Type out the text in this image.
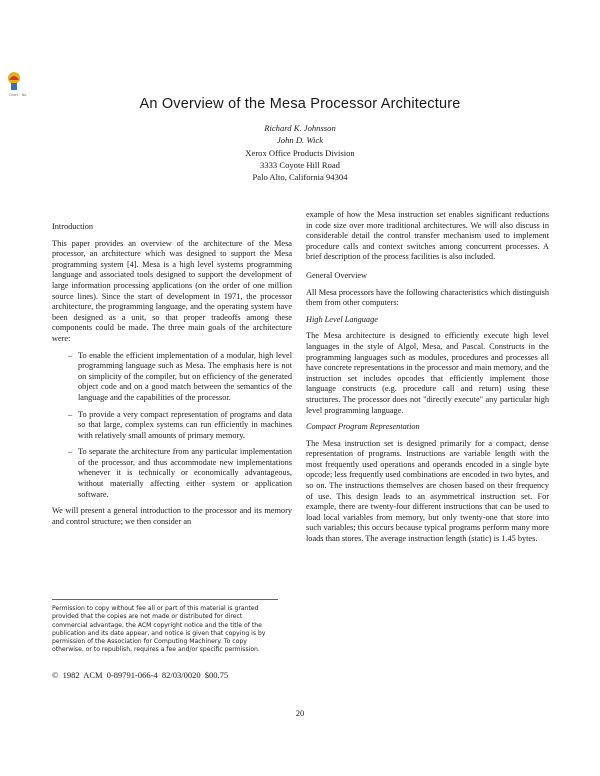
Chart · No.
An Overview of the Mesa Processor Architecture
Richard K. Johnsson
John D. Wick
Xerox Office Products Division
3333 Coyote Hill Road
Palo Alto, California 94304
Introduction

This paper provides an overview of the architecture of the Mesa processor, an architecture which was designed to support the Mesa programming system [4]. Mesa is a high level systems programming language and associated tools designed to support the development of large information processing applications (on the order of one million source lines). Since the start of development in 1971, the processor architecture, the programming language, and the operating system have been designed as a unit, so that proper tradeoffs among these components could be made. The three main goals of the architecture were:

– To enable the efficient implementation of a modular, high level programming language such as Mesa. The emphasis here is not on simplicity of the compiler, but on efficiency of the generated object code and on a good match between the semantics of the language and the capabilities of the processor.
– To provide a very compact representation of programs and data so that large, complex systems can run efficiently in machines with relatively small amounts of primary memory.
– To separate the architecture from any particular implementation of the processor, and thus accommodate new implementations whenever it is technically or economically advantageous, without materially affecting either system or application software.

We will present a general introduction to the processor and its memory and control structure; we then consider an

example of how the Mesa instruction set enables significant reductions in code size over more traditional architectures. We will also discuss in considerable detail the control transfer mechanism used to implement procedure calls and context switches among concurrent processes. A brief description of the process facilities is also included.

General Overview

All Mesa processors have the following characteristics which distinguish them from other computers:

High Level Language

The Mesa architecture is designed to efficiently execute high level languages in the style of Algol, Mesa, and Pascal. Constructs in the programming languages such as modules, procedures and processes all have concrete representations in the processor and main memory, and the instruction set includes opcodes that efficiently implement those language constructs (e.g. procedure call and return) using these structures. The processor does not "directly execute" any particular high level programming language.

Compact Program Representation

The Mesa instruction set is designed primarily for a compact, dense representation of programs. Instructions are variable length with the most frequently used operations and operands encoded in a single byte opcode; less frequently used combinations are encoded in two bytes, and so on. The instructions themselves are chosen based on their frequency of use. This design leads to an asymmetrical instruction set. For example, there are twenty-four different instructions that can be used to load local variables from memory, but only twenty-one that store into such variables; this occurs because typical programs perform many more loads than stores. The average instruction length (static) is 1.45 bytes.

Permission to copy without fee all or part of this material is granted provided that the copies are not made or distributed for direct commercial advantage, the ACM copyright notice and the title of the publication and its date appear, and notice is given that copying is by permission of the Association for Computing Machinery. To copy otherwise, or to republish, requires a fee and/or specific permission.
© 1982 ACM 0-89791-066-4 82/03/0020 $00.75
20
